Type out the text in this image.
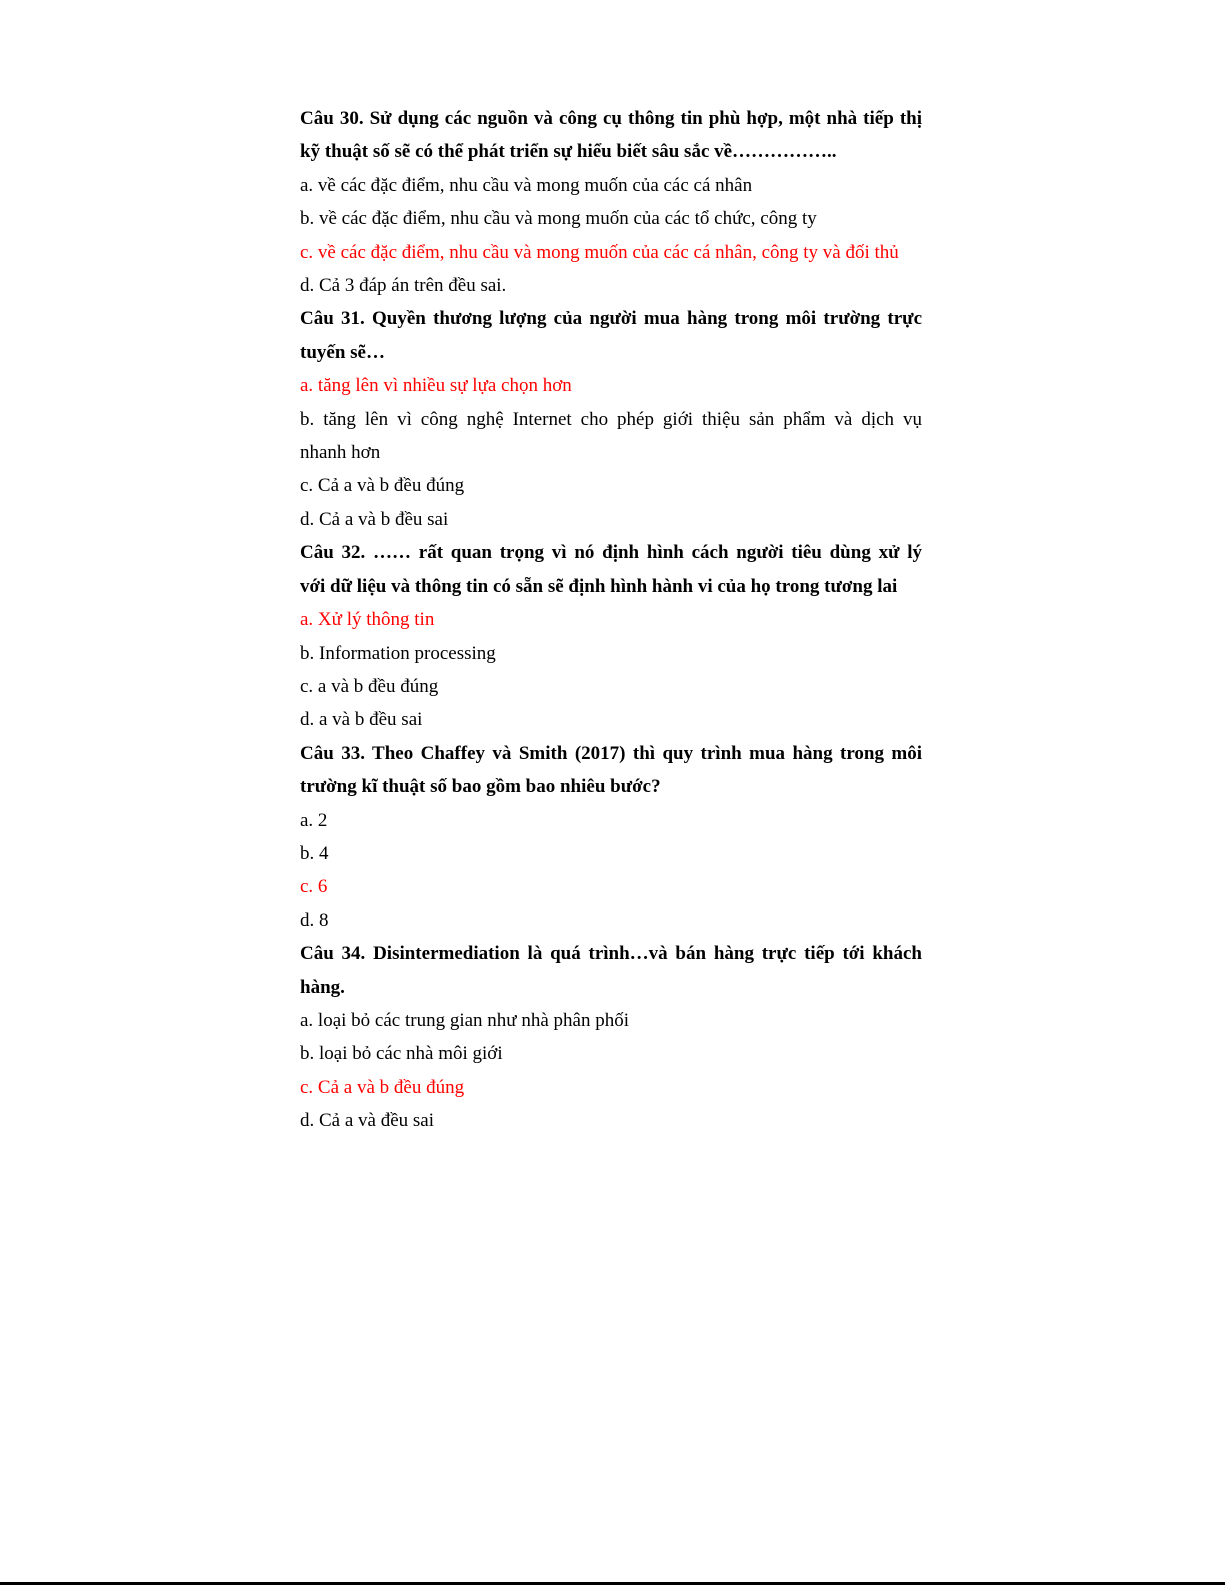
Câu 30. Sử dụng các nguồn và công cụ thông tin phù hợp, một nhà tiếp thị

kỹ thuật số sẽ có thể phát triển sự hiểu biết sâu sắc về……………..

a. về các đặc điểm, nhu cầu và mong muốn của các cá nhân

b. về các đặc điểm, nhu cầu và mong muốn của các tổ chức, công ty

c. về các đặc điểm, nhu cầu và mong muốn của các cá nhân, công ty và đối thủ

d. Cả 3 đáp án trên đều sai.

Câu 31. Quyền thương lượng của người mua hàng trong môi trường trực

tuyến sẽ…

a. tăng lên vì nhiều sự lựa chọn hơn

b. tăng lên vì công nghệ Internet cho phép giới thiệu sản phẩm và dịch vụ

nhanh hơn

c. Cả a và b đều đúng

d. Cả a và b đều sai

Câu 32. …… rất quan trọng vì nó định hình cách người tiêu dùng xử lý

với dữ liệu và thông tin có sẵn sẽ định hình hành vi của họ trong tương lai

a. Xử lý thông tin

b. Information processing

c. a và b đều đúng

d. a và b đều sai

Câu 33. Theo Chaffey và Smith (2017) thì quy trình mua hàng trong môi

trường kĩ thuật số bao gồm bao nhiêu bước?

a. 2

b. 4

c. 6

d. 8

Câu 34. Disintermediation là quá trình…và bán hàng trực tiếp tới khách

hàng.

a. loại bỏ các trung gian như nhà phân phối

b. loại bỏ các nhà môi giới

c. Cả a và b đều đúng

d. Cả a và đều sai
